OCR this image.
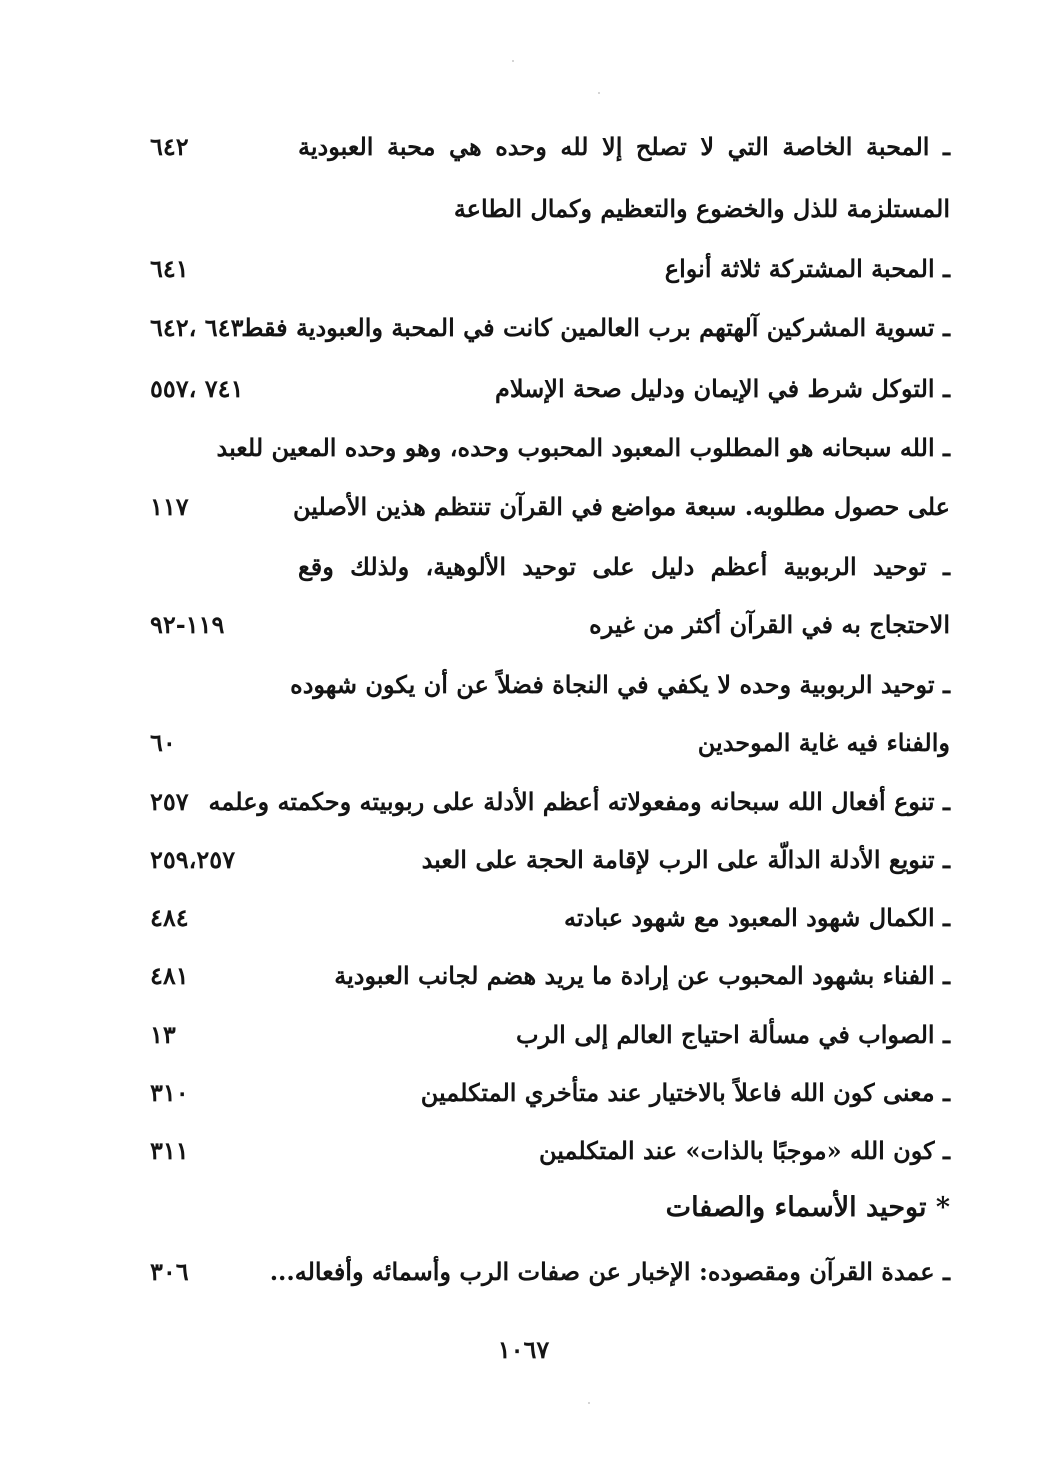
ـ المحبة الخاصة التي لا تصلح إلا لله وحده هي محبة العبودية
٦٤٢
المستلزمة للذل والخضوع والتعظيم وكمال الطاعة
ـ المحبة المشتركة ثلاثة أنواع
٦٤١
ـ تسوية المشركين آلهتهم برب العالمين كانت في المحبة والعبودية فقط
٦٤٣ ،٦٤٢
ـ التوكل شرط في الإيمان ودليل صحة الإسلام
٧٤١ ،٥٥٧
ـ الله سبحانه هو المطلوب المعبود المحبوب وحده، وهو وحده المعين للعبد
على حصول مطلوبه. سبعة مواضع في القرآن تنتظم هذين الأصلين
١١٧
ـ توحيد الربوبية أعظم دليل على توحيد الألوهية، ولذلك وقع
الاحتجاج به في القرآن أكثر من غيره
١١٩-٩٢
ـ توحيد الربوبية وحده لا يكفي في النجاة فضلاً عن أن يكون شهوده
والفناء فيه غاية الموحدين
٦٠
ـ تنوع أفعال الله سبحانه ومفعولاته أعظم الأدلة على ربوبيته وحكمته وعلمه
٢٥٧
ـ تنويع الأدلة الدالّة على الرب لإقامة الحجة على العبد
٢٥٩،٢٥٧
ـ الكمال شهود المعبود مع شهود عبادته
٤٨٤
ـ الفناء بشهود المحبوب عن إرادة ما يريد هضم لجانب العبودية
٤٨١
ـ الصواب في مسألة احتياج العالم إلى الرب
١٣
ـ معنى كون الله فاعلاً بالاختيار عند متأخري المتكلمين
٣١٠
ـ كون الله «موجبًا بالذات» عند المتكلمين
٣١١
* توحيد الأسماء والصفات
ـ عمدة القرآن ومقصوده: الإخبار عن صفات الرب وأسمائه وأفعاله...
٣٠٦
١٠٦٧
